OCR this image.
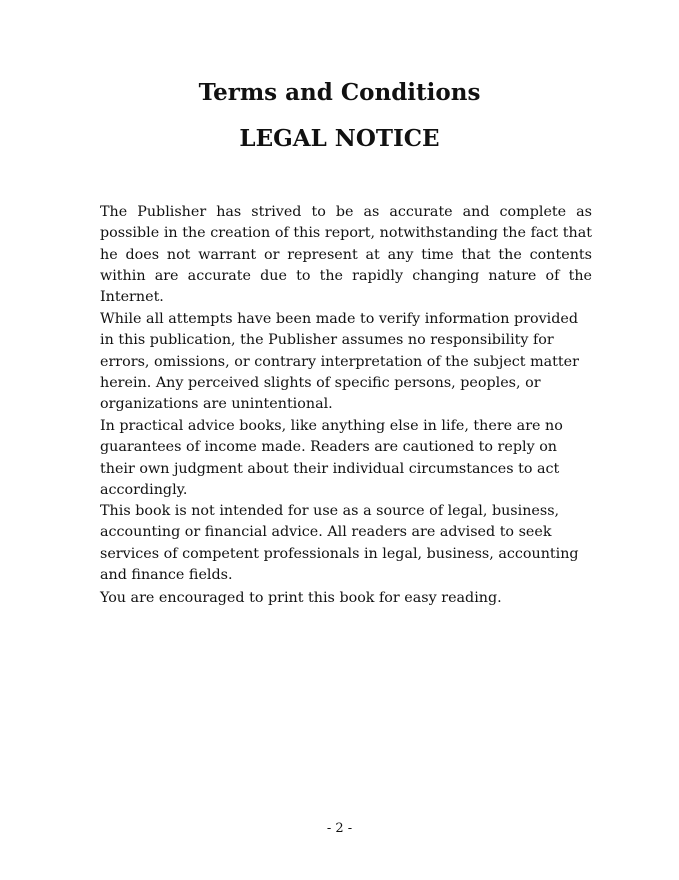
Terms and Conditions
LEGAL NOTICE

The Publisher has strived to be as accurate and complete as possible in the creation of this report, notwithstanding the fact that he does not warrant or represent at any time that the contents within are accurate due to the rapidly changing nature of the Internet.

While all attempts have been made to verify information provided in this publication, the Publisher assumes no responsibility for errors, omissions, or contrary interpretation of the subject matter herein. Any perceived slights of specific persons, peoples, or organizations are unintentional.

In practical advice books, like anything else in life, there are no guarantees of income made. Readers are cautioned to reply on their own judgment about their individual circumstances to act accordingly.

This book is not intended for use as a source of legal, business, accounting or financial advice. All readers are advised to seek services of competent professionals in legal, business, accounting and finance fields.

You are encouraged to print this book for easy reading.

- 2 -
